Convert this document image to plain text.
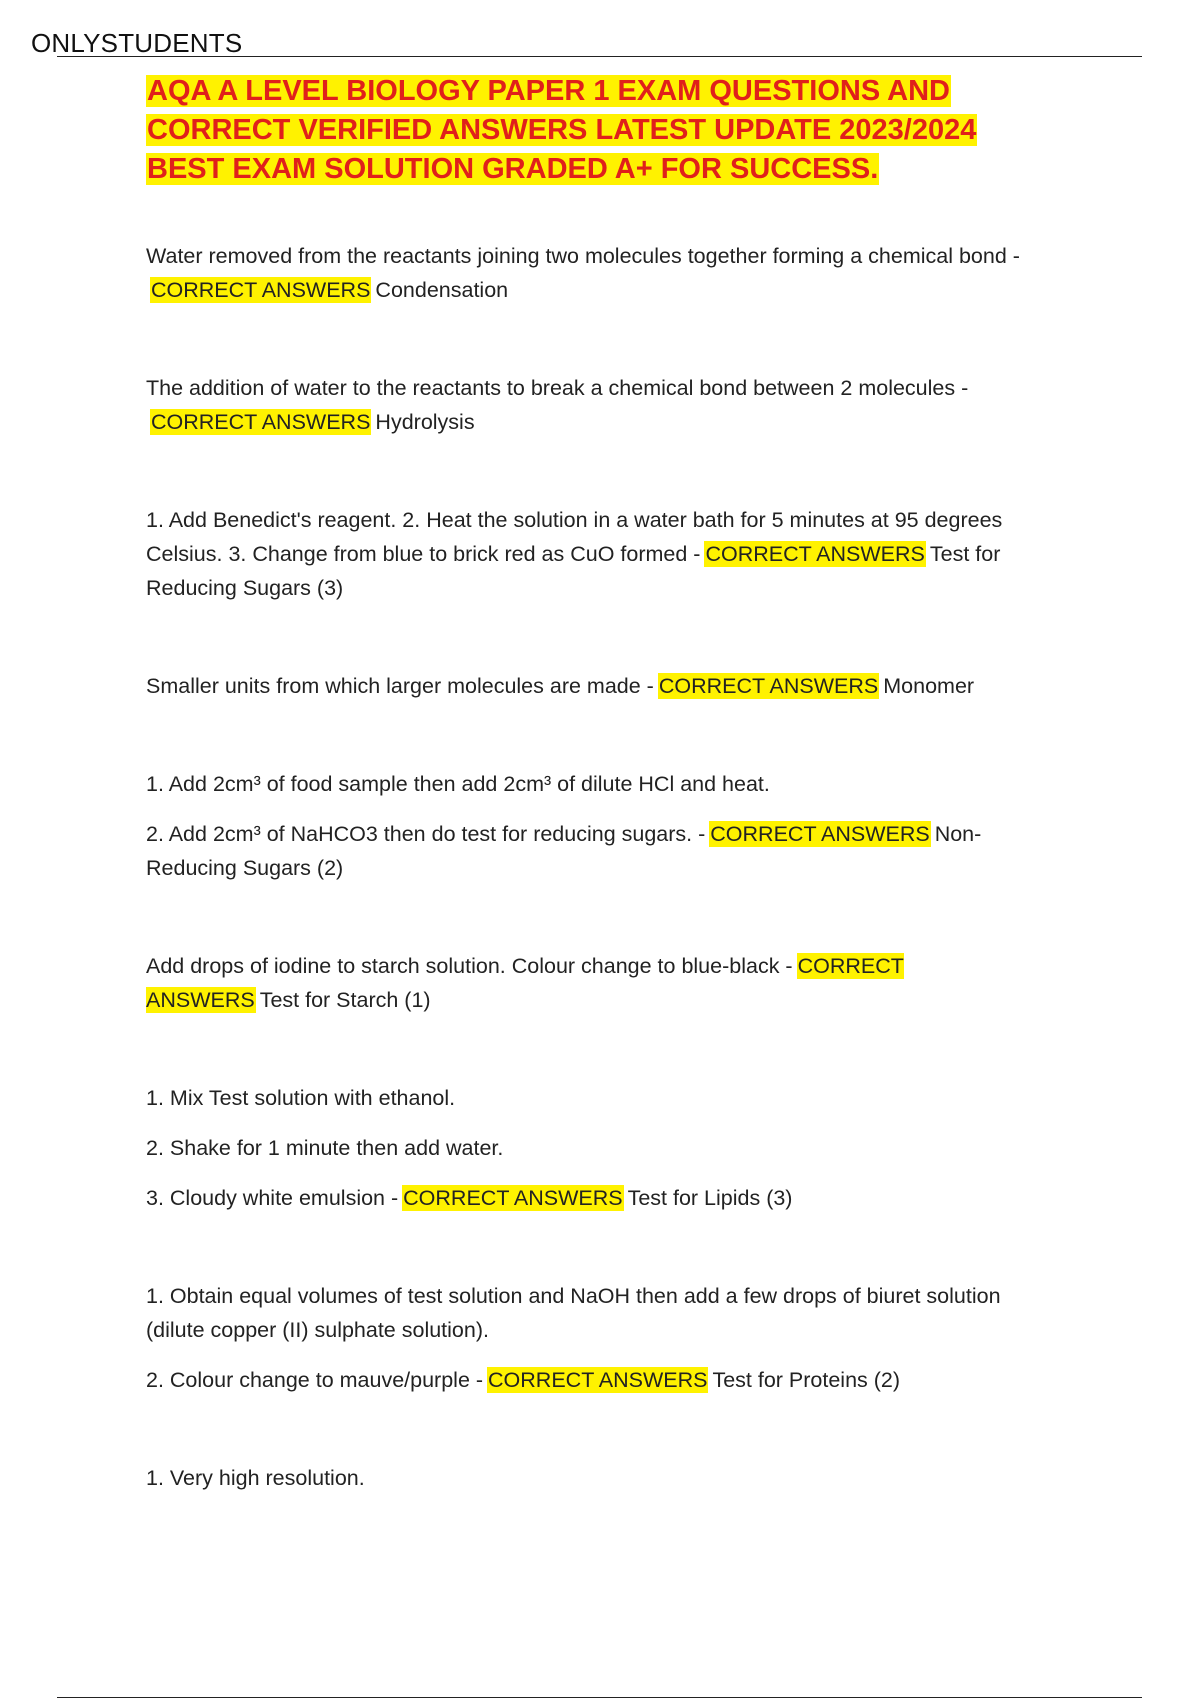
ONLYSTUDENTS
AQA A LEVEL BIOLOGY PAPER 1 EXAM QUESTIONS AND CORRECT VERIFIED ANSWERS LATEST UPDATE 2023/2024 BEST EXAM SOLUTION GRADED A+ FOR SUCCESS.

Water removed from the reactants joining two molecules together forming a chemical bond -CORRECT ANSWERS Condensation

The addition of water to the reactants to break a chemical bond between 2 molecules -CORRECT ANSWERS Hydrolysis

1. Add Benedict's reagent. 2. Heat the solution in a water bath for 5 minutes at 95 degrees Celsius. 3. Change from blue to brick red as CuO formed - CORRECT ANSWERS Test for Reducing Sugars (3)

Smaller units from which larger molecules are made - CORRECT ANSWERS Monomer

1. Add 2cm³ of food sample then add 2cm³ of dilute HCl and heat.

2. Add 2cm³ of NaHCO3 then do test for reducing sugars. - CORRECT ANSWERS Non-Reducing Sugars (2)

Add drops of iodine to starch solution. Colour change to blue-black - CORRECT ANSWERS Test for Starch (1)

1. Mix Test solution with ethanol.

2. Shake for 1 minute then add water.

3. Cloudy white emulsion - CORRECT ANSWERS Test for Lipids (3)

1. Obtain equal volumes of test solution and NaOH then add a few drops of biuret solution (dilute copper (II) sulphate solution).

2. Colour change to mauve/purple - CORRECT ANSWERS Test for Proteins (2)

1. Very high resolution.
